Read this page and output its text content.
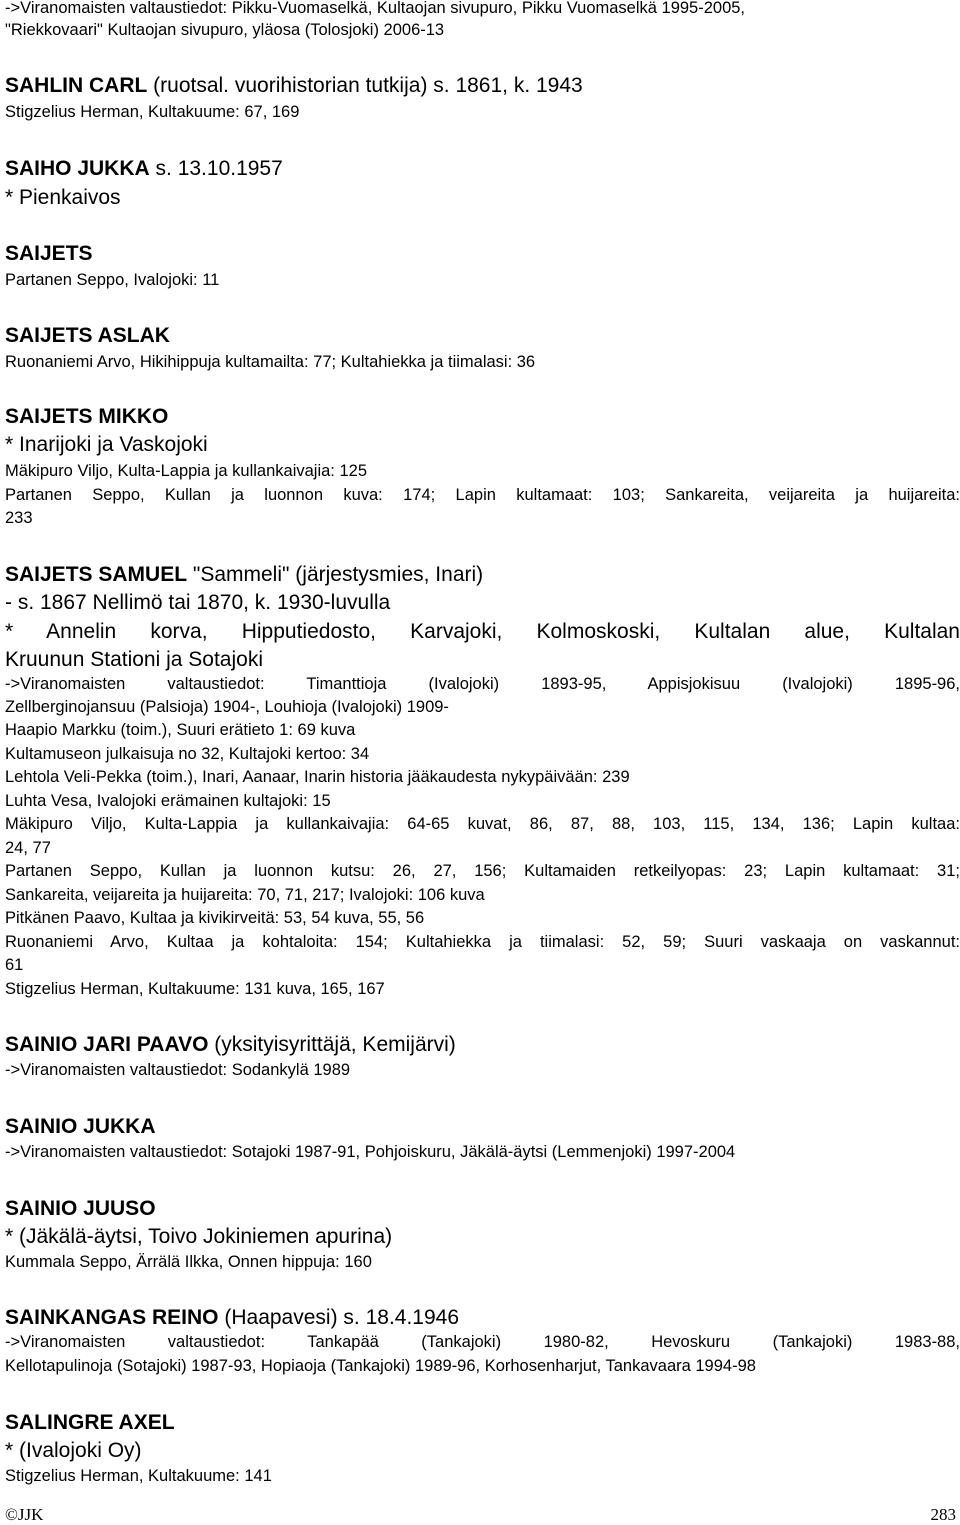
->Viranomaisten valtaustiedot: Pikku-Vuomaselkä, Kultaojan sivupuro, Pikku Vuomaselkä 1995-2005,
"Riekkovaari" Kultaojan sivupuro, yläosa (Tolosjoki) 2006-13
SAHLIN CARL (ruotsal. vuorihistorian tutkija) s. 1861, k. 1943
Stigzelius Herman, Kultakuume: 67, 169
SAIHO JUKKA s. 13.10.1957
* Pienkaivos
SAIJETS
Partanen Seppo, Ivalojoki: 11
SAIJETS ASLAK
Ruonaniemi Arvo, Hikihippuja kultamailta: 77; Kultahiekka ja tiimalasi: 36
SAIJETS MIKKO
* Inarijoki ja Vaskojoki
Mäkipuro Viljo, Kulta-Lappia ja kullankaivajia: 125
Partanen Seppo, Kullan ja luonnon kuva: 174; Lapin kultamaat: 103; Sankareita, veijareita ja huijareita:
233
SAIJETS SAMUEL "Sammeli" (järjestysmies, Inari)
- s. 1867 Nellimö tai 1870, k. 1930-luvulla
* Annelin korva, Hipputiedosto, Karvajoki, Kolmoskoski, Kultalan alue, Kultalan
Kruunun Stationi ja Sotajoki
->Viranomaisten valtaustiedot: Timanttioja (Ivalojoki) 1893-95, Appisjokisuu (Ivalojoki) 1895-96,
Zellberginojansuu (Palsioja) 1904-, Louhioja (Ivalojoki) 1909-
Haapio Markku (toim.), Suuri erätieto 1: 69 kuva
Kultamuseon julkaisuja no 32, Kultajoki kertoo: 34
Lehtola Veli-Pekka (toim.), Inari, Aanaar, Inarin historia jääkaudesta nykypäivään: 239
Luhta Vesa, Ivalojoki erämainen kultajoki: 15
Mäkipuro Viljo, Kulta-Lappia ja kullankaivajia: 64-65 kuvat, 86, 87, 88, 103, 115, 134, 136; Lapin kultaa:
24, 77
Partanen Seppo, Kullan ja luonnon kutsu: 26, 27, 156; Kultamaiden retkeilyopas: 23; Lapin kultamaat: 31;
Sankareita, veijareita ja huijareita: 70, 71, 217; Ivalojoki: 106 kuva
Pitkänen Paavo, Kultaa ja kivikirveitä: 53, 54 kuva, 55, 56
Ruonaniemi Arvo, Kultaa ja kohtaloita: 154; Kultahiekka ja tiimalasi: 52, 59; Suuri vaskaaja on vaskannut:
61
Stigzelius Herman, Kultakuume: 131 kuva, 165, 167
SAINIO JARI PAAVO (yksityisyrittäjä, Kemijärvi)
->Viranomaisten valtaustiedot: Sodankylä 1989
SAINIO JUKKA
->Viranomaisten valtaustiedot: Sotajoki 1987-91, Pohjoiskuru, Jäkälä-äytsi (Lemmenjoki) 1997-2004
SAINIO JUUSO
* (Jäkälä-äytsi, Toivo Jokiniemen apurina)
Kummala Seppo, Ärrälä Ilkka, Onnen hippuja: 160
SAINKANGAS REINO (Haapavesi) s. 18.4.1946
->Viranomaisten valtaustiedot: Tankapää (Tankajoki) 1980-82, Hevoskuru (Tankajoki) 1983-88,
Kellotapulinoja (Sotajoki) 1987-93, Hopiaoja (Tankajoki) 1989-96, Korhosenharjut, Tankavaara 1994-98
SALINGRE AXEL
* (Ivalojoki Oy)
Stigzelius Herman, Kultakuume: 141
©JJK	283
